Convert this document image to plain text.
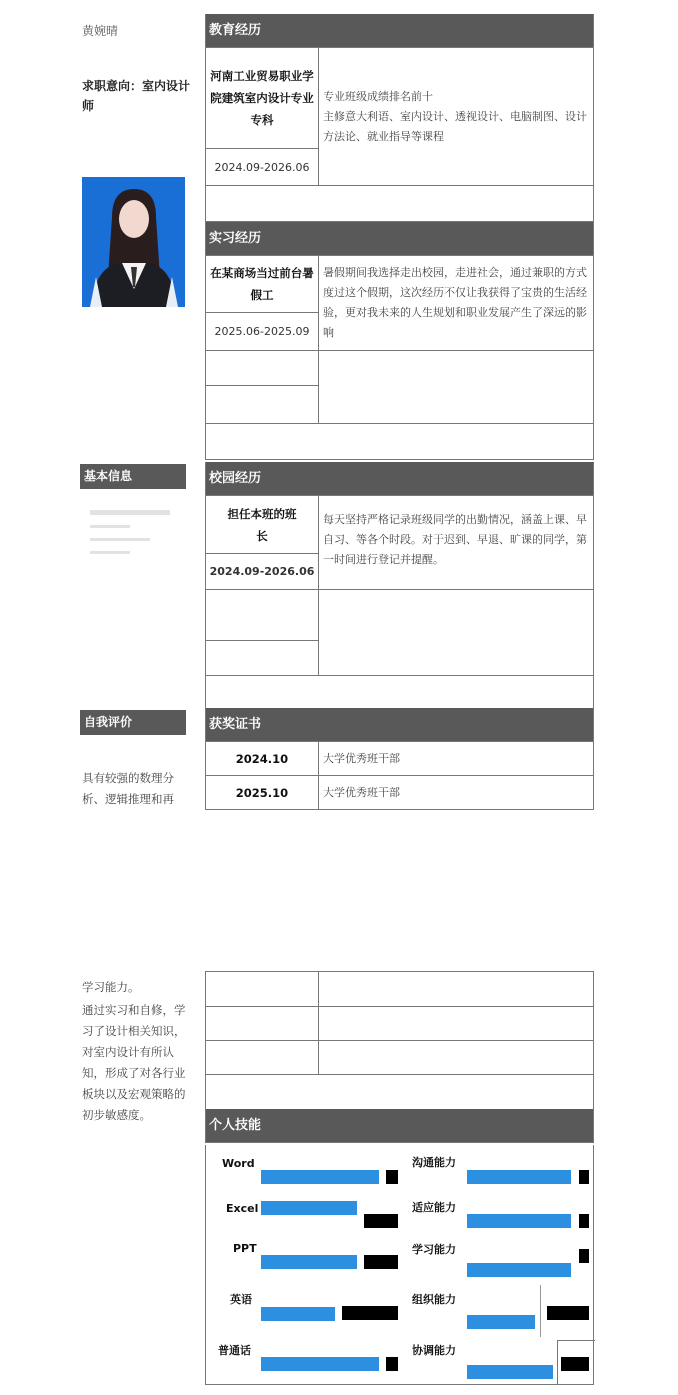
黄婉晴
求职意向：室内设计师
基本信息
自我评价
具有较强的数理分析、逻辑推理和再
学习能力。
通过实习和自修，学习了设计相关知识，对室内设计有所认知，形成了对各行业板块以及宏观策略的初步敏感度。
教育经历
河南工业贸易职业学院建筑室内设计专业
专科
2024.09-2026.06
专业班级成绩排名前十
主修意大利语、室内设计、透视设计、电脑制图、设计方法论、就业指导等课程
实习经历
在某商场当过前台暑假工
2025.06-2025.09
暑假期间我选择走出校园，走进社会，通过兼职的方式度过这个假期，这次经历不仅让我获得了宝贵的生活经验，更对我未来的人生规划和职业发展产生了深远的影响
校园经历
担任本班的班长
2024.09-2026.06
每天坚持严格记录班级同学的出勤情况，涵盖上课、早自习、等各个时段。对于迟到、早退、旷课的同学，第一时间进行登记并提醒。
获奖证书
2024.10	大学优秀班干部
2025.10	大学优秀班干部
个人技能
Word
Excel
PPT
英语
普通话
沟通能力
适应能力
学习能力
组织能力
协调能力
